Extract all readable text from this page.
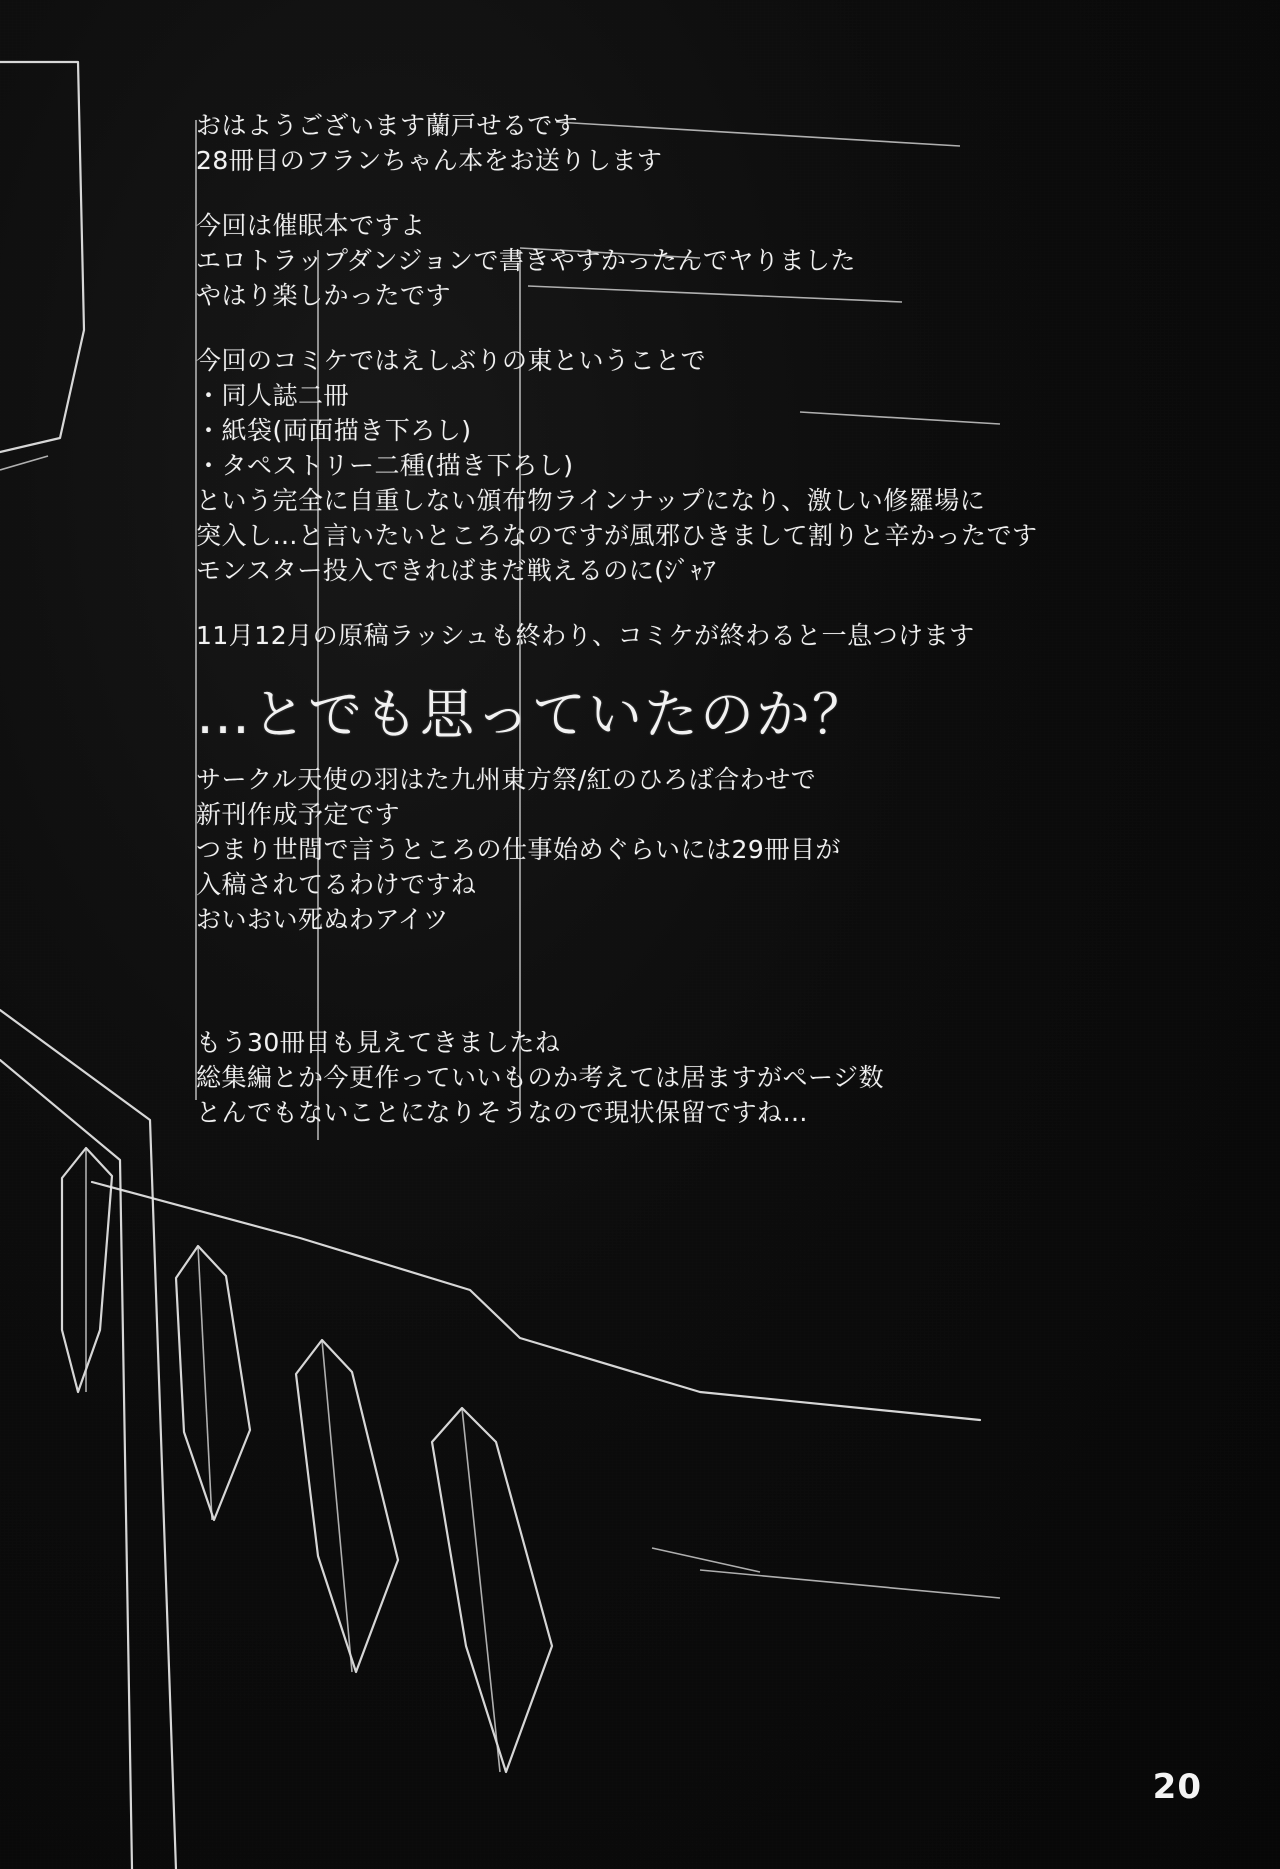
おはようございます蘭戸せるです
28冊目のフランちゃん本をお送りします
今回は催眠本ですよ
エロトラップダンジョンで書きやすかったんでヤりました
やはり楽しかったです
今回のコミケではえしぶりの東ということで
・同人誌二冊
・紙袋(両面描き下ろし)
・タペストリー二種(描き下ろし)
という完全に自重しない頒布物ラインナップになり、激しい修羅場に
突入し…と言いたいところなのですが風邪ひきまして割りと辛かったです
モンスター投入できればまだ戦えるのに(ｼﾞｬｱ
11月12月の原稿ラッシュも終わり、コミケが終わると一息つけます
…とでも思っていたのか？
サークル天使の羽はた九州東方祭/紅のひろば合わせで
新刊作成予定です
つまり世間で言うところの仕事始めぐらいには29冊目が
入稿されてるわけですね
おいおい死ぬわアイツ
もう30冊目も見えてきましたね
総集編とか今更作っていいものか考えては居ますがページ数
とんでもないことになりそうなので現状保留ですね…
20
